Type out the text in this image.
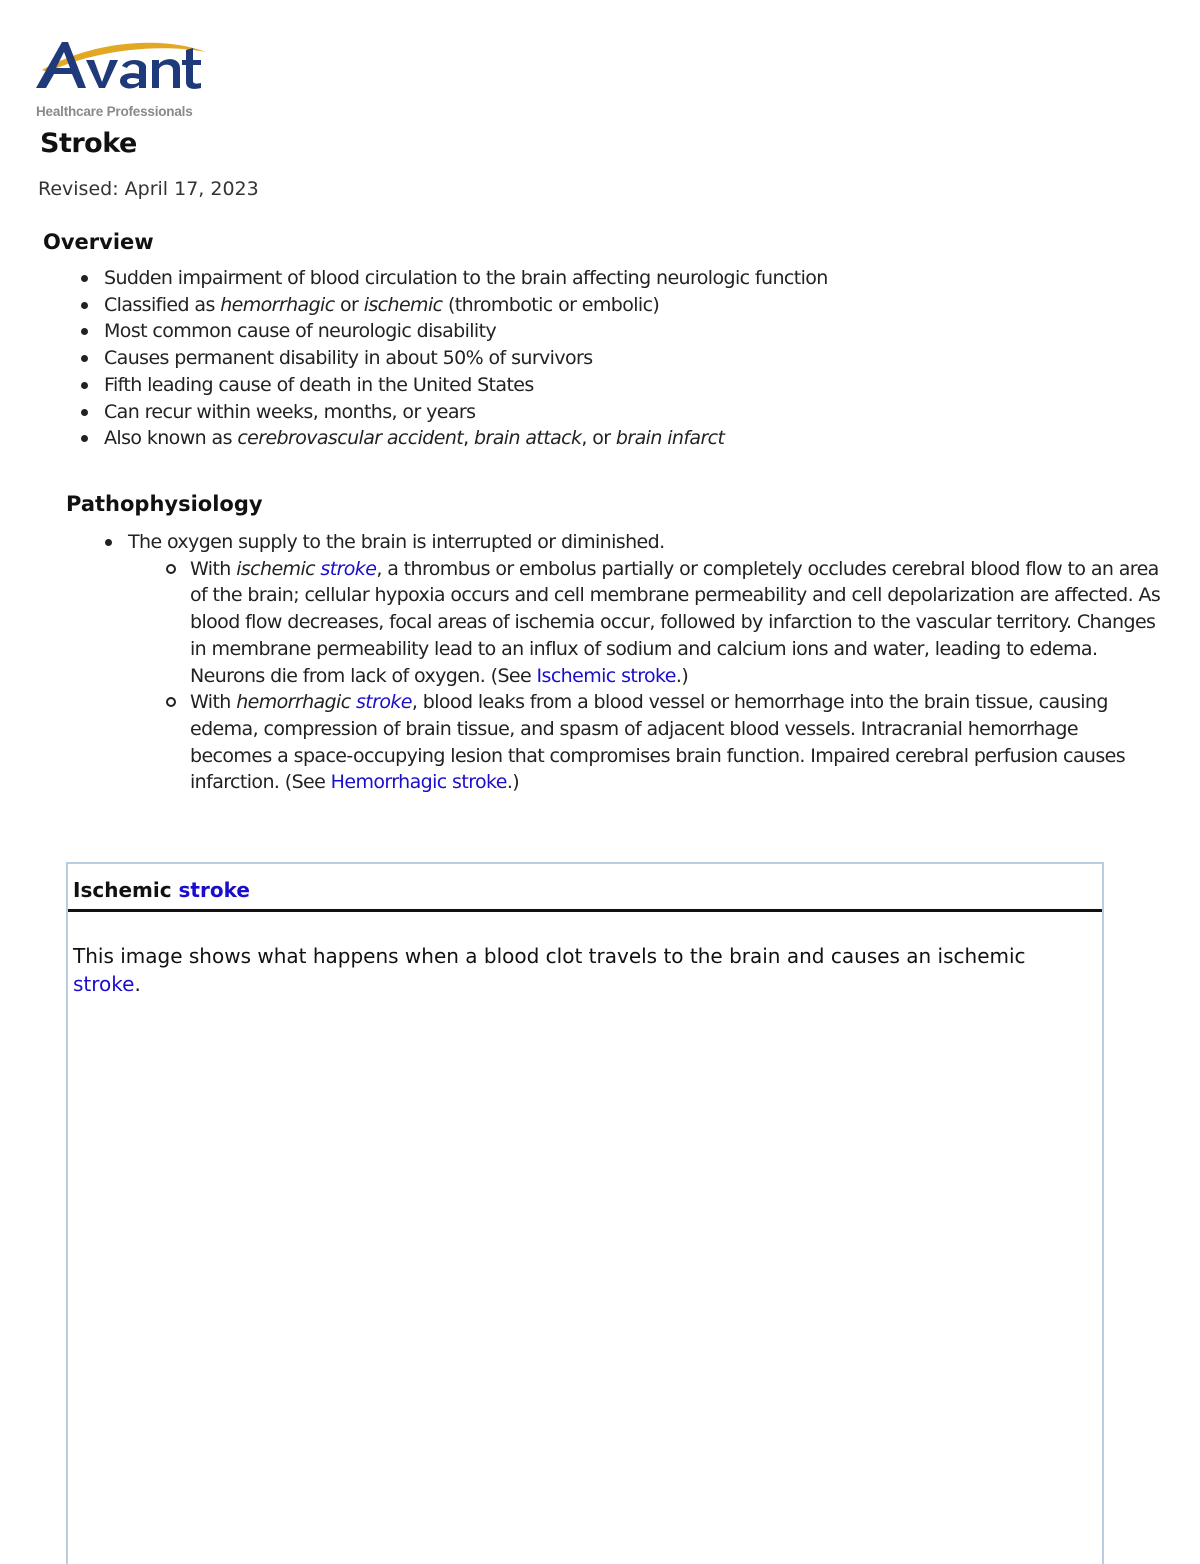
Healthcare Professionals
Stroke

Revised: April 17, 2023

Overview
Sudden impairment of blood circulation to the brain affecting neurologic function
Classified as hemorrhagic or ischemic (thrombotic or embolic)
Most common cause of neurologic disability
Causes permanent disability in about 50% of survivors
Fifth leading cause of death in the United States
Can recur within weeks, months, or years
Also known as cerebrovascular accident, brain attack, or brain infarct
Pathophysiology
The oxygen supply to the brain is interrupted or diminished.
With ischemic stroke, a thrombus or embolus partially or completely occludes cerebral blood flow to an area of the brain; cellular hypoxia occurs and cell membrane permeability and cell depolarization are affected. As blood flow decreases, focal areas of ischemia occur, followed by infarction to the vascular territory. Changes in membrane permeability lead to an influx of sodium and calcium ions and water, leading to edema. Neurons die from lack of oxygen. (See Ischemic stroke.)
With hemorrhagic stroke, blood leaks from a blood vessel or hemorrhage into the brain tissue, causing edema, compression of brain tissue, and spasm of adjacent blood vessels. Intracranial hemorrhage becomes a space-occupying lesion that compromises brain function. Impaired cerebral perfusion causes infarction. (See Hemorrhagic stroke.)
Ischemic stroke
This image shows what happens when a blood clot travels to the brain and causes an ischemic stroke.
